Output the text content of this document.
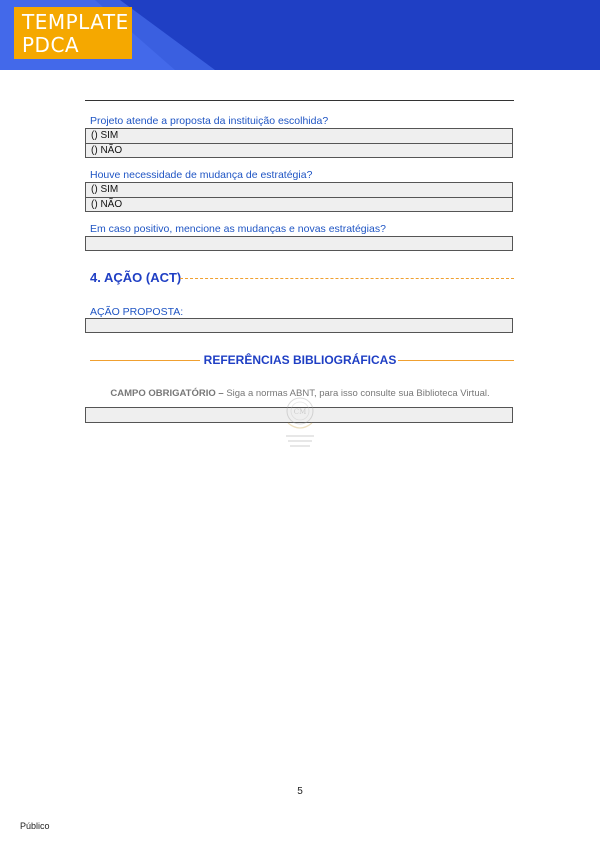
TEMPLATE
PDCA
Projeto atende a proposta da instituição escolhida?
() SIM
() NÃO
Houve necessidade de mudança de estratégia?
() SIM
() NÃO
Em caso positivo, mencione as mudanças e novas estratégias?
4. AÇÃO (ACT)
AÇÃO PROPOSTA:
REFERÊNCIAS BIBLIOGRÁFICAS
CAMPO OBRIGATÓRIO – Siga a normas ABNT, para isso consulte sua Biblioteca Virtual.
CM
5
Público
